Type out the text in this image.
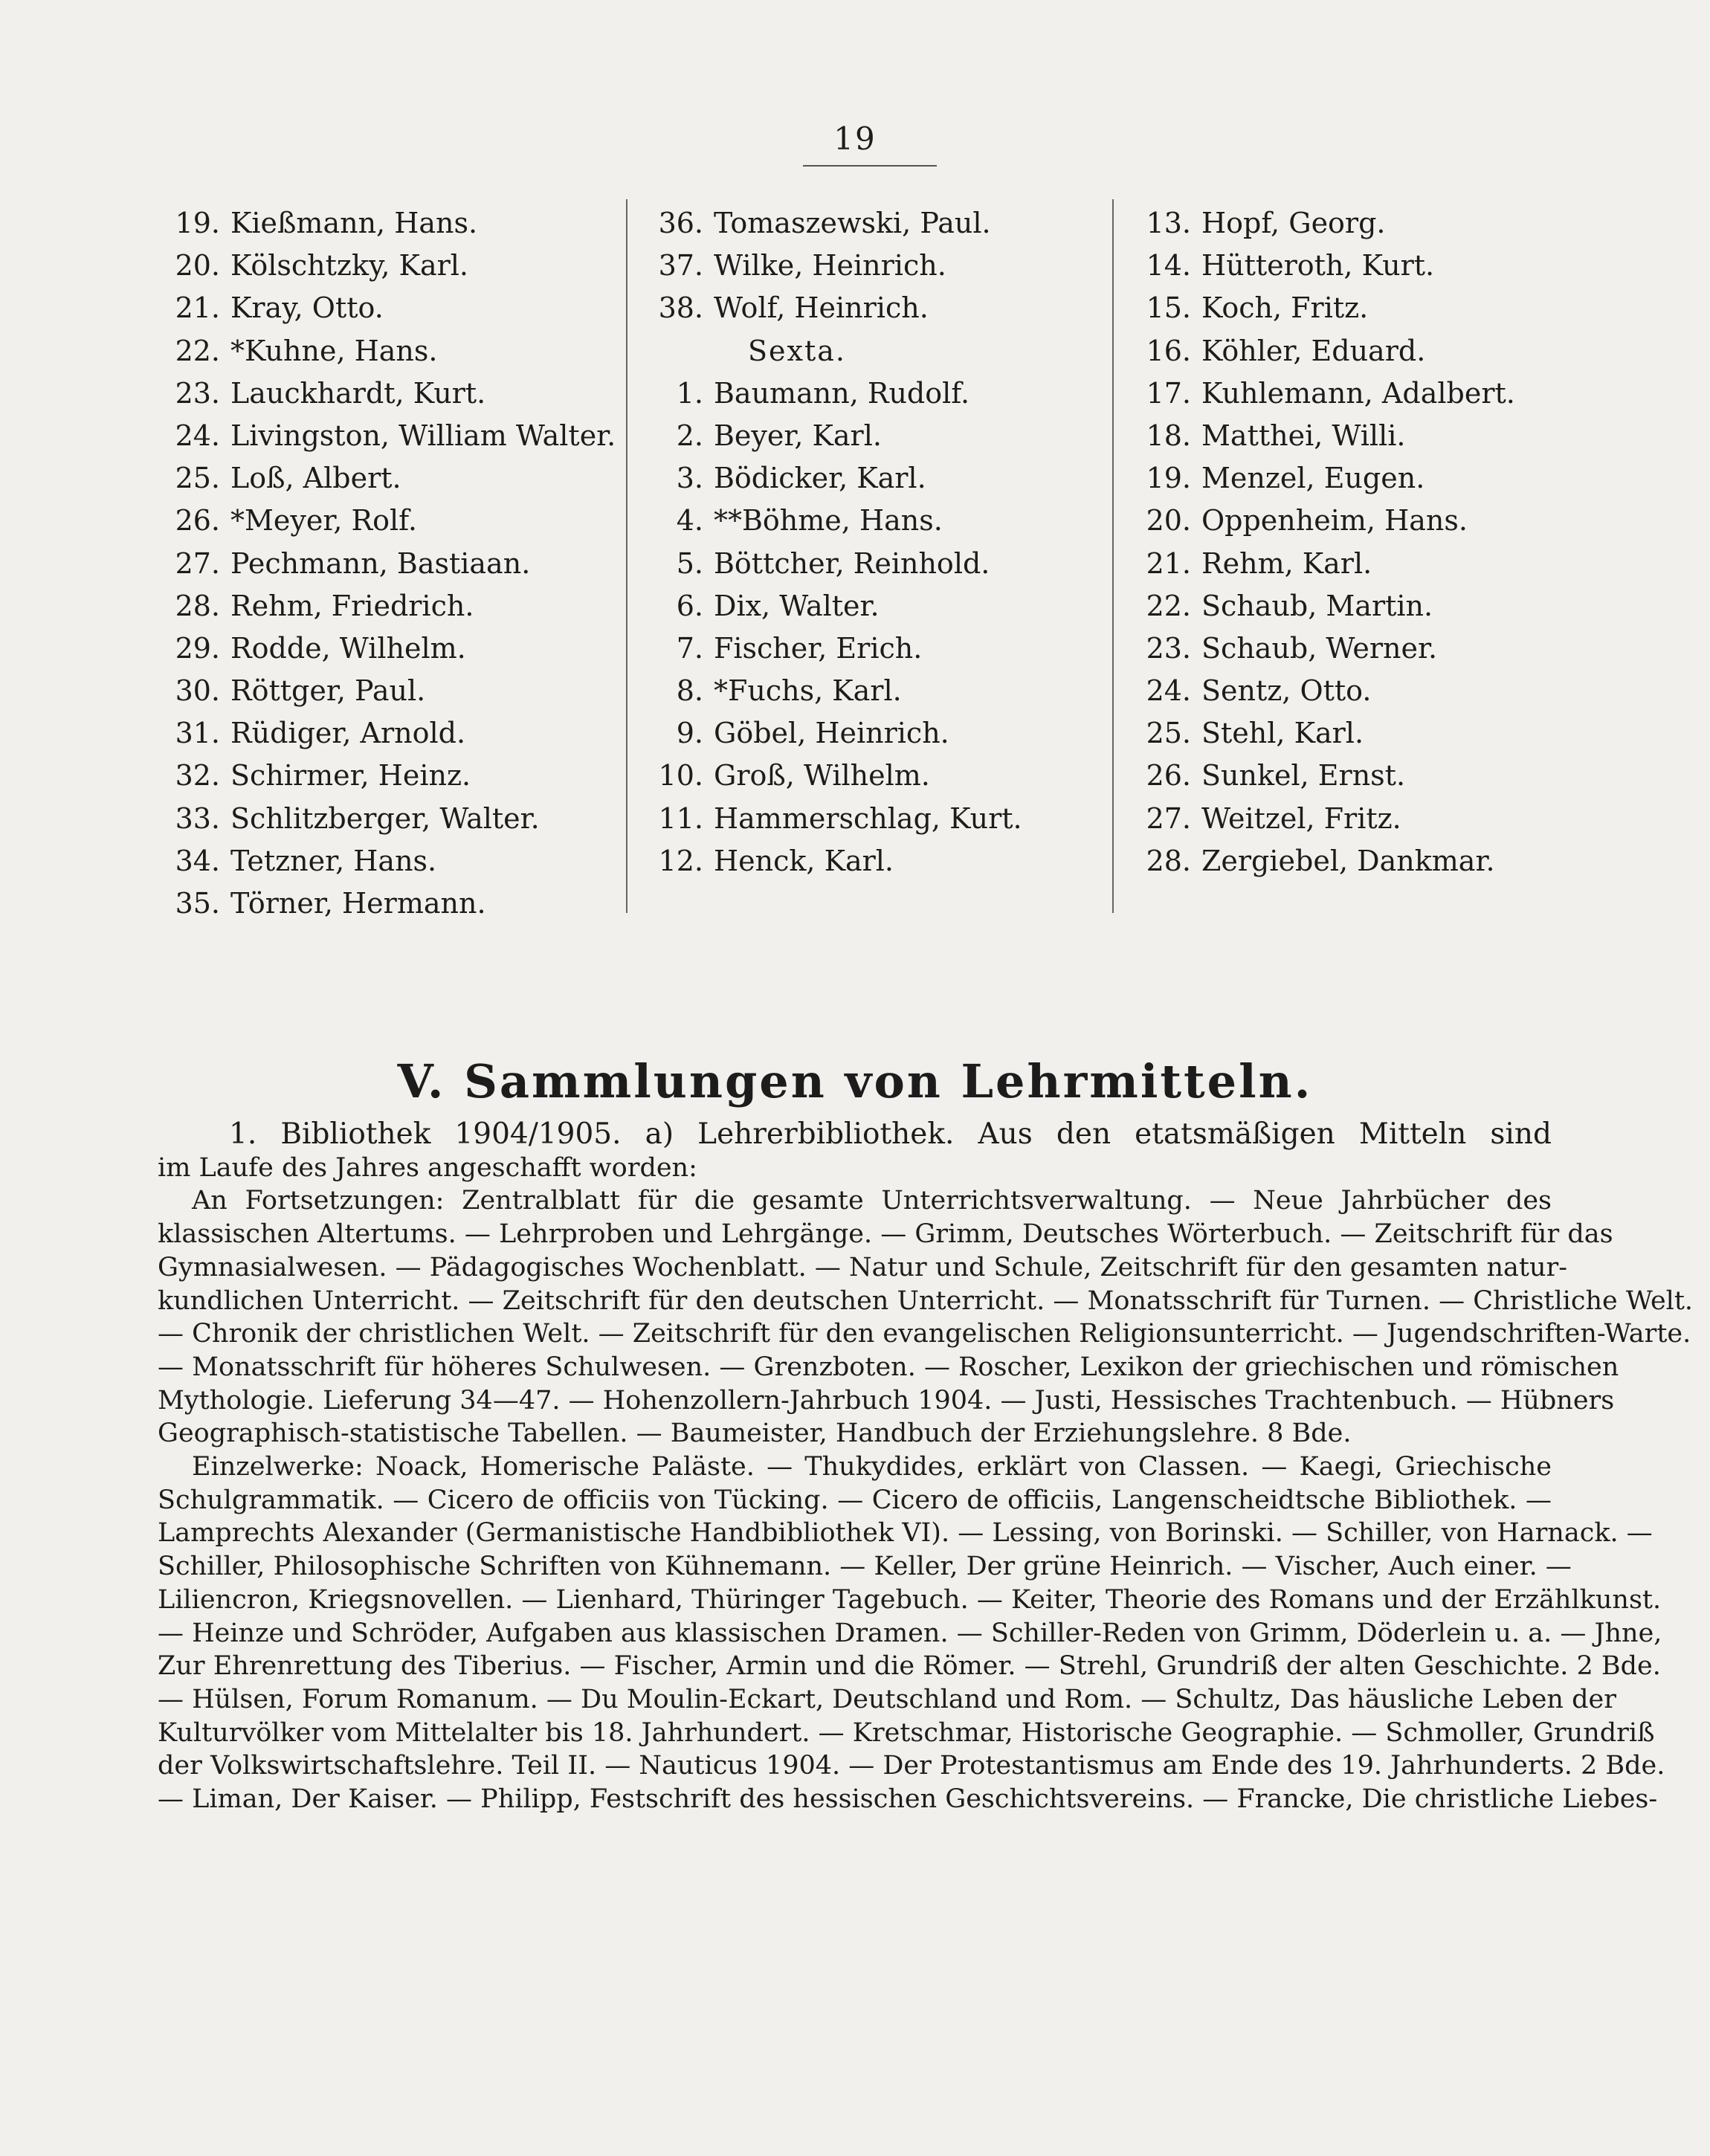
19
19. Kießmann, Hans.
20. Kölschtzky, Karl.
21. Kray, Otto.
22. *Kuhne, Hans.
23. Lauckhardt, Kurt.
24. Livingston, William Walter.
25. Loß, Albert.
26. *Meyer, Rolf.
27. Pechmann, Bastiaan.
28. Rehm, Friedrich.
29. Rodde, Wilhelm.
30. Röttger, Paul.
31. Rüdiger, Arnold.
32. Schirmer, Heinz.
33. Schlitzberger, Walter.
34. Tetzner, Hans.
35. Törner, Hermann.
36. Tomaszewski, Paul.
37. Wilke, Heinrich.
38. Wolf, Heinrich.
Sexta.
1. Baumann, Rudolf.
2. Beyer, Karl.
3. Bödicker, Karl.
4. **Böhme, Hans.
5. Böttcher, Reinhold.
6. Dix, Walter.
7. Fischer, Erich.
8. *Fuchs, Karl.
9. Göbel, Heinrich.
10. Groß, Wilhelm.
11. Hammerschlag, Kurt.
12. Henck, Karl.
13. Hopf, Georg.
14. Hütteroth, Kurt.
15. Koch, Fritz.
16. Köhler, Eduard.
17. Kuhlemann, Adalbert.
18. Matthei, Willi.
19. Menzel, Eugen.
20. Oppenheim, Hans.
21. Rehm, Karl.
22. Schaub, Martin.
23. Schaub, Werner.
24. Sentz, Otto.
25. Stehl, Karl.
26. Sunkel, Ernst.
27. Weitzel, Fritz.
28. Zergiebel, Dankmar.
V. Sammlungen von Lehrmitteln.
1. Bibliothek 1904/1905. a) Lehrerbibliothek. Aus den etatsmäßigen Mitteln sind
im Laufe des Jahres angeschafft worden:
An Fortsetzungen: Zentralblatt für die gesamte Unterrichtsverwaltung. — Neue Jahrbücher des
klassischen Altertums. — Lehrproben und Lehrgänge. — Grimm, Deutsches Wörterbuch. — Zeitschrift für das
Gymnasialwesen. — Pädagogisches Wochenblatt. — Natur und Schule, Zeitschrift für den gesamten natur-
kundlichen Unterricht. — Zeitschrift für den deutschen Unterricht. — Monatsschrift für Turnen. — Christliche Welt.
— Chronik der christlichen Welt. — Zeitschrift für den evangelischen Religionsunterricht. — Jugendschriften-Warte.
— Monatsschrift für höheres Schulwesen. — Grenzboten. — Roscher, Lexikon der griechischen und römischen
Mythologie. Lieferung 34—47. — Hohenzollern-Jahrbuch 1904. — Justi, Hessisches Trachtenbuch. — Hübners
Geographisch-statistische Tabellen. — Baumeister, Handbuch der Erziehungslehre. 8 Bde.
Einzelwerke: Noack, Homerische Paläste. — Thukydides, erklärt von Classen. — Kaegi, Griechische
Schulgrammatik. — Cicero de officiis von Tücking. — Cicero de officiis, Langenscheidtsche Bibliothek. —
Lamprechts Alexander (Germanistische Handbibliothek VI). — Lessing, von Borinski. — Schiller, von Harnack. —
Schiller, Philosophische Schriften von Kühnemann. — Keller, Der grüne Heinrich. — Vischer, Auch einer. —
Liliencron, Kriegsnovellen. — Lienhard, Thüringer Tagebuch. — Keiter, Theorie des Romans und der Erzählkunst.
— Heinze und Schröder, Aufgaben aus klassischen Dramen. — Schiller-Reden von Grimm, Döderlein u. a. — Jhne,
Zur Ehrenrettung des Tiberius. — Fischer, Armin und die Römer. — Strehl, Grundriß der alten Geschichte. 2 Bde.
— Hülsen, Forum Romanum. — Du Moulin-Eckart, Deutschland und Rom. — Schultz, Das häusliche Leben der
Kulturvölker vom Mittelalter bis 18. Jahrhundert. — Kretschmar, Historische Geographie. — Schmoller, Grundriß
der Volkswirtschaftslehre. Teil II. — Nauticus 1904. — Der Protestantismus am Ende des 19. Jahrhunderts. 2 Bde.
— Liman, Der Kaiser. — Philipp, Festschrift des hessischen Geschichtsvereins. — Francke, Die christliche Liebes-
